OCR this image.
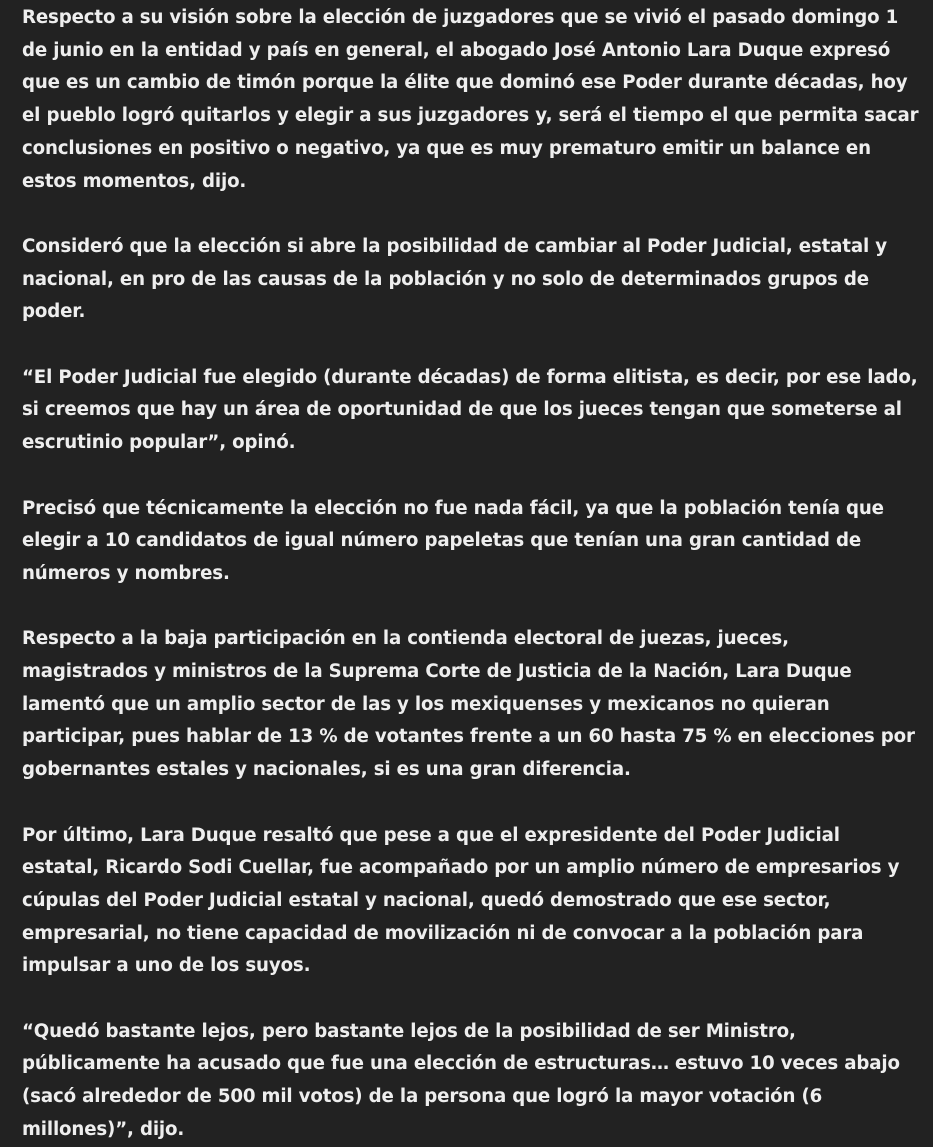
Respecto a su visión sobre la elección de juzgadores que se vivió el pasado domingo 1 de junio en la entidad y país en general, el abogado José Antonio Lara Duque expresó que es un cambio de timón porque la élite que dominó ese Poder durante décadas, hoy el pueblo logró quitarlos y elegir a sus juzgadores y, será el tiempo el que permita sacar conclusiones en positivo o negativo, ya que es muy prematuro emitir un balance en estos momentos, dijo.

Consideró que la elección si abre la posibilidad de cambiar al Poder Judicial, estatal y nacional, en pro de las causas de la población y no solo de determinados grupos de poder.

“El Poder Judicial fue elegido (durante décadas) de forma elitista, es decir, por ese lado, si creemos que hay un área de oportunidad de que los jueces tengan que someterse al escrutinio popular”, opinó.

Precisó que técnicamente la elección no fue nada fácil, ya que la población tenía que elegir a 10 candidatos de igual número papeletas que tenían una gran cantidad de números y nombres.

Respecto a la baja participación en la contienda electoral de juezas, jueces, magistrados y ministros de la Suprema Corte de Justicia de la Nación, Lara Duque lamentó que un amplio sector de las y los mexiquenses y mexicanos no quieran participar, pues hablar de 13 % de votantes frente a un 60 hasta 75 % en elecciones por gobernantes estales y nacionales, si es una gran diferencia.

Por último, Lara Duque resaltó que pese a que el expresidente del Poder Judicial estatal, Ricardo Sodi Cuellar, fue acompañado por un amplio número de empresarios y cúpulas del Poder Judicial estatal y nacional, quedó demostrado que ese sector, empresarial, no tiene capacidad de movilización ni de convocar a la población para impulsar a uno de los suyos.

“Quedó bastante lejos, pero bastante lejos de la posibilidad de ser Ministro, públicamente ha acusado que fue una elección de estructuras… estuvo 10 veces abajo (sacó alrededor de 500 mil votos) de la persona que logró la mayor votación (6 millones)”, dijo.
